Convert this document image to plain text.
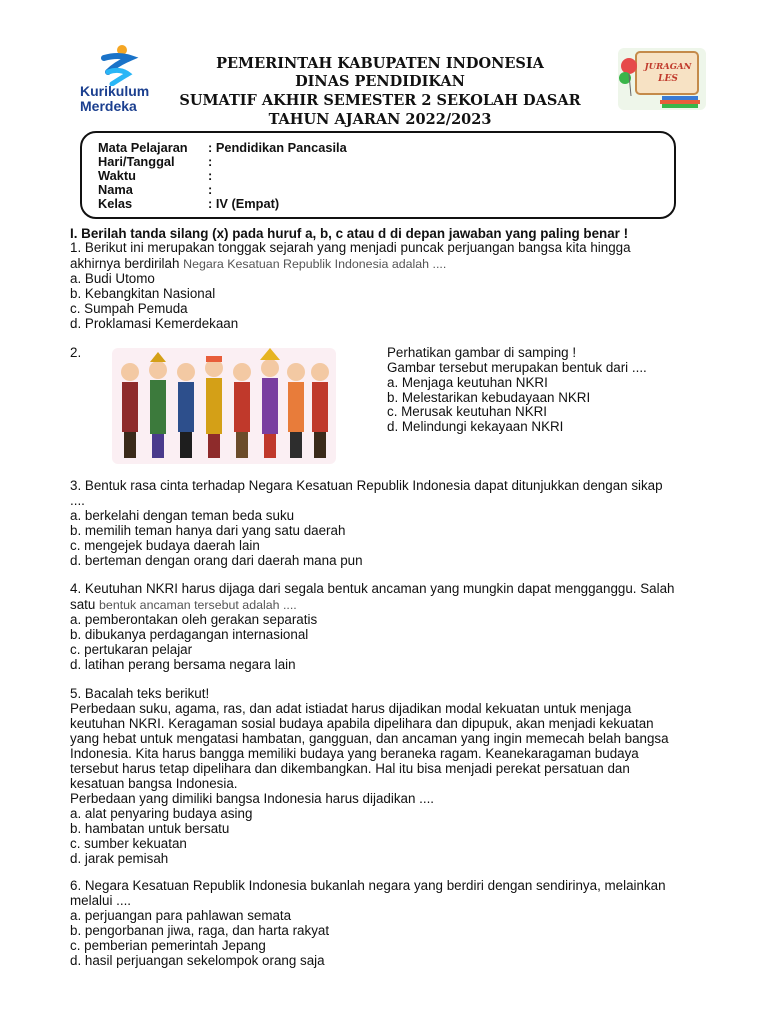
Kurikulum
Merdeka
JURAGAN
LES
PEMERINTAH KABUPATEN INDONESIA
DINAS PENDIDIKAN
SUMATIF AKHIR SEMESTER 2 SEKOLAH DASAR
TAHUN AJARAN 2022/2023
Mata Pelajaran : Pendidikan Pancasila
Hari/Tanggal	:
Waktu	:
Nama	:
Kelas	: IV (Empat)
I. Berilah tanda silang (x) pada huruf a, b, c atau d di depan jawaban yang paling benar !
1. Berikut ini merupakan tonggak sejarah yang menjadi puncak perjuangan bangsa kita hingga
akhirnya berdirilah Negara Kesatuan Republik Indonesia adalah ....
a. Budi Utomo
b. Kebangkitan Nasional
c. Sumpah Pemuda
d. Proklamasi Kemerdekaan
2.	Perhatikan gambar di samping !
Gambar tersebut merupakan bentuk dari ....
a. Menjaga keutuhan NKRI
b. Melestarikan kebudayaan NKRI
c. Merusak keutuhan NKRI
d. Melindungi kekayaan NKRI
3. Bentuk rasa cinta terhadap Negara Kesatuan Republik Indonesia dapat ditunjukkan dengan sikap
....
a. berkelahi dengan teman beda suku
b. memilih teman hanya dari yang satu daerah
c. mengejek budaya daerah lain
d. berteman dengan orang dari daerah mana pun
4. Keutuhan NKRI harus dijaga dari segala bentuk ancaman yang mungkin dapat mengganggu. Salah
satu bentuk ancaman tersebut adalah ....
a. pemberontakan oleh gerakan separatis
b. dibukanya perdagangan internasional
c. pertukaran pelajar
d. latihan perang bersama negara lain
5. Bacalah teks berikut!
Perbedaan suku, agama, ras, dan adat istiadat harus dijadikan modal kekuatan untuk menjaga
keutuhan NKRI. Keragaman sosial budaya apabila dipelihara dan dipupuk, akan menjadi kekuatan
yang hebat untuk mengatasi hambatan, gangguan, dan ancaman yang ingin memecah belah bangsa
Indonesia. Kita harus bangga memiliki budaya yang beraneka ragam. Keanekaragaman budaya
tersebut harus tetap dipelihara dan dikembangkan. Hal itu bisa menjadi perekat persatuan dan
kesatuan bangsa Indonesia.
Perbedaan yang dimiliki bangsa Indonesia harus dijadikan ....
a. alat penyaring budaya asing
b. hambatan untuk bersatu
c. sumber kekuatan
d. jarak pemisah
6. Negara Kesatuan Republik Indonesia bukanlah negara yang berdiri dengan sendirinya, melainkan
melalui ....
a. perjuangan para pahlawan semata
b. pengorbanan jiwa, raga, dan harta rakyat
c. pemberian pemerintah Jepang
d. hasil perjuangan sekelompok orang saja
